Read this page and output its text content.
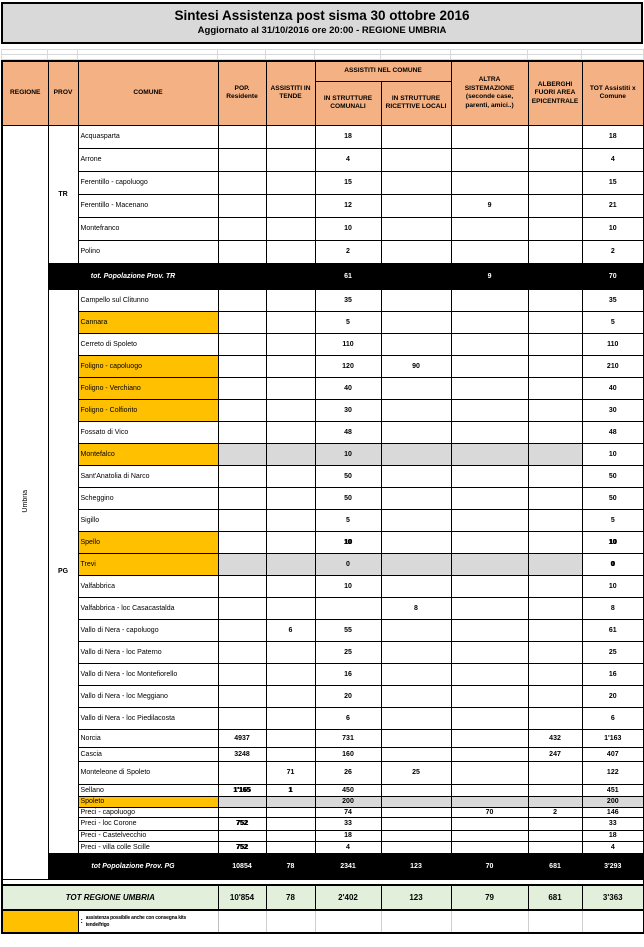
Sintesi Assistenza post sisma 30 ottobre 2016
Aggiornato al 31/10/2016 ore 20:00 - REGIONE UMBRIA

REGIONE	PROV	COMUNE	POP. Residente	ASSISTITI IN TENDE	ASSISTITI NEL COMUNE		ALTRA SISTEMAZIONE (seconde case, parenti, amici..)	ALBERGHI FUORI AREA EPICENTRALE	TOT Assistiti x Comune
					IN STRUTTURE COMUNALI	IN STRUTTURE RICETTIVE LOCALI			
Umbria	TR	Acquasparta			18				18
		Arrone			4				4
		Ferentillo - capoluogo			15				15
		Ferentillo - Macenano			12		9		21
		Montefranco			10				10
		Polino			2				2
	tot. Popolazione Prov. TR				61		9		70
	PG	Campello sul Clitunno			35				35
		Cannara			5				5
		Cerreto di Spoleto			110				110
		Foligno - capoluogo			120	90			210
		Foligno - Verchiano			40				40
		Foligno - Colfiorito			30				30
		Fossato di Vico			48				48
		Montefalco			10				10
		Sant'Anatolia di Narco			50				50
		Scheggino			50				50
		Sigillo			5				5
		Spello			10				10
		Trevi			0				0
		Valfabbrica			10				10
		Valfabbrica - loc Casacastalda				8			8
		Vallo di Nera - capoluogo		6	55				61
		Vallo di Nera - loc Paterno			25				25
		Vallo di Nera - loc Montefiorello			16				16
		Vallo di Nera - loc Meggiano			20				20
		Vallo di Nera - loc Piedilacosta			6				6
		Norcia	4937		731			432	1'163
		Cascia	3248		160			247	407
		Monteleone di Spoleto		71	26	25			122
		Sellano	1'165	1	450				451
		Spoleto			200				200
		Preci - capoluogo			74		70	2	146
		Preci - loc Corone	752		33				33
		Preci - Castelvecchio			18				18
		Preci - villa colle Scille	752		4				4
	tot Popolazione Prov. PG		10854	78	2341	123	70	681	3'293

TOT REGIONE UMBRIA			10'854	78	2'402	123	79	681	3'363

		: assistenza possibile anche con consegna kits
tende/frigo							
